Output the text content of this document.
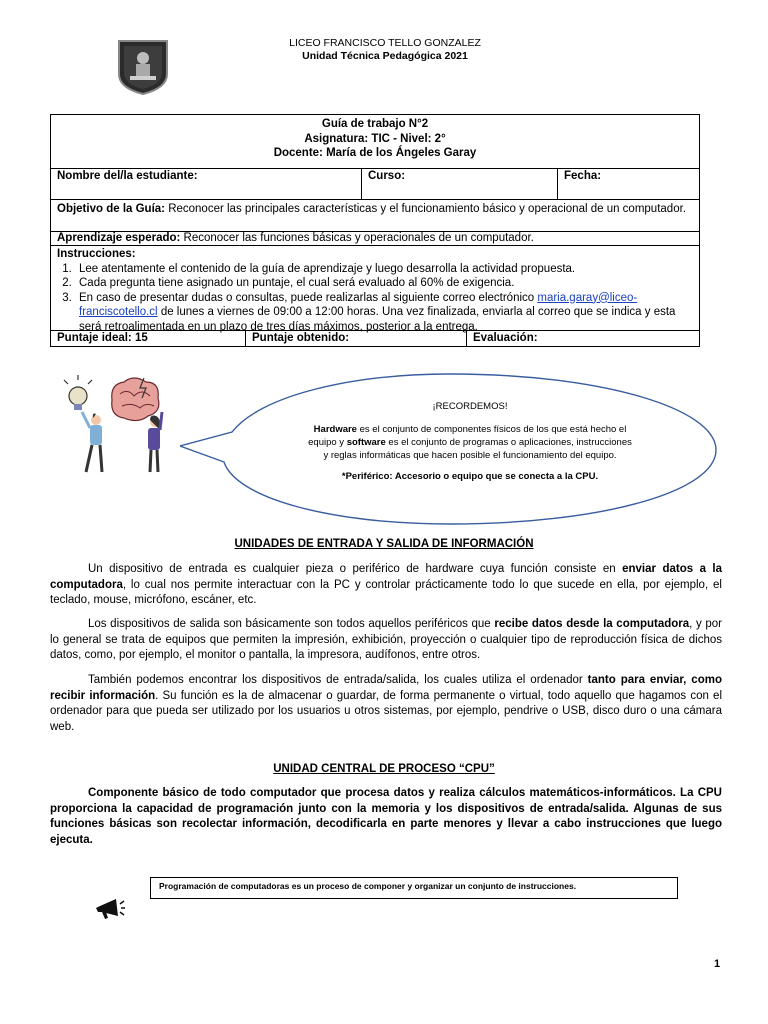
LICEO FRANCISCO TELLO GONZALEZ
Unidad Técnica Pedagógica 2021
Guía de trabajo N°2
Asignatura: TIC - Nivel: 2°
Docente: María de los Ángeles Garay
Nombre del/la estudiante:	Curso:	Fecha:
Objetivo de la Guía: Reconocer las principales características y el funcionamiento básico y operacional de un computador.
Aprendizaje esperado: Reconocer las funciones básicas y operacionales de un computador.
Instrucciones:
1. Lee atentamente el contenido de la guía de aprendizaje y luego desarrolla la actividad propuesta.
2. Cada pregunta tiene asignado un puntaje, el cual será evaluado al 60% de exigencia.
3. En caso de presentar dudas o consultas, puede realizarlas al siguiente correo electrónico maria.garay@liceo-franciscotello.cl de lunes a viernes de 09:00 a 12:00 horas. Una vez finalizada, enviarla al correo que se indica y esta será retroalimentada en un plazo de tres días máximos, posterior a la entrega.
Puntaje ideal: 15	Puntaje obtenido:	Evaluación:
¡RECORDEMOS!
Hardware es el conjunto de componentes físicos de los que está hecho el equipo y software es el conjunto de programas o aplicaciones, instrucciones y reglas informáticas que hacen posible el funcionamiento del equipo.
*Periférico: Accesorio o equipo que se conecta a la CPU.
UNIDADES DE ENTRADA Y SALIDA DE INFORMACIÓN
Un dispositivo de entrada es cualquier pieza o periférico de hardware cuya función consiste en enviar datos a la computadora, lo cual nos permite interactuar con la PC y controlar prácticamente todo lo que sucede en ella, por ejemplo, el teclado, mouse, micrófono, escáner, etc.
Los dispositivos de salida son básicamente son todos aquellos periféricos que recibe datos desde la computadora, y por lo general se trata de equipos que permiten la impresión, exhibición, proyección o cualquier tipo de reproducción física de dichos datos, como, por ejemplo, el monitor o pantalla, la impresora, audífonos, entre otros.
También podemos encontrar los dispositivos de entrada/salida, los cuales utiliza el ordenador tanto para enviar, como recibir información. Su función es la de almacenar o guardar, de forma permanente o virtual, todo aquello que hagamos con el ordenador para que pueda ser utilizado por los usuarios u otros sistemas, por ejemplo, pendrive o USB, disco duro o una cámara web.
UNIDAD CENTRAL DE PROCESO “CPU”
Componente básico de todo computador que procesa datos y realiza cálculos matemáticos-informáticos. La CPU proporciona la capacidad de programación junto con la memoria y los dispositivos de entrada/salida. Algunas de sus funciones básicas son recolectar información, decodificarla en parte menores y llevar a cabo instrucciones que luego ejecuta.
Programación de computadoras es un proceso de componer y organizar un conjunto de instrucciones.
1
